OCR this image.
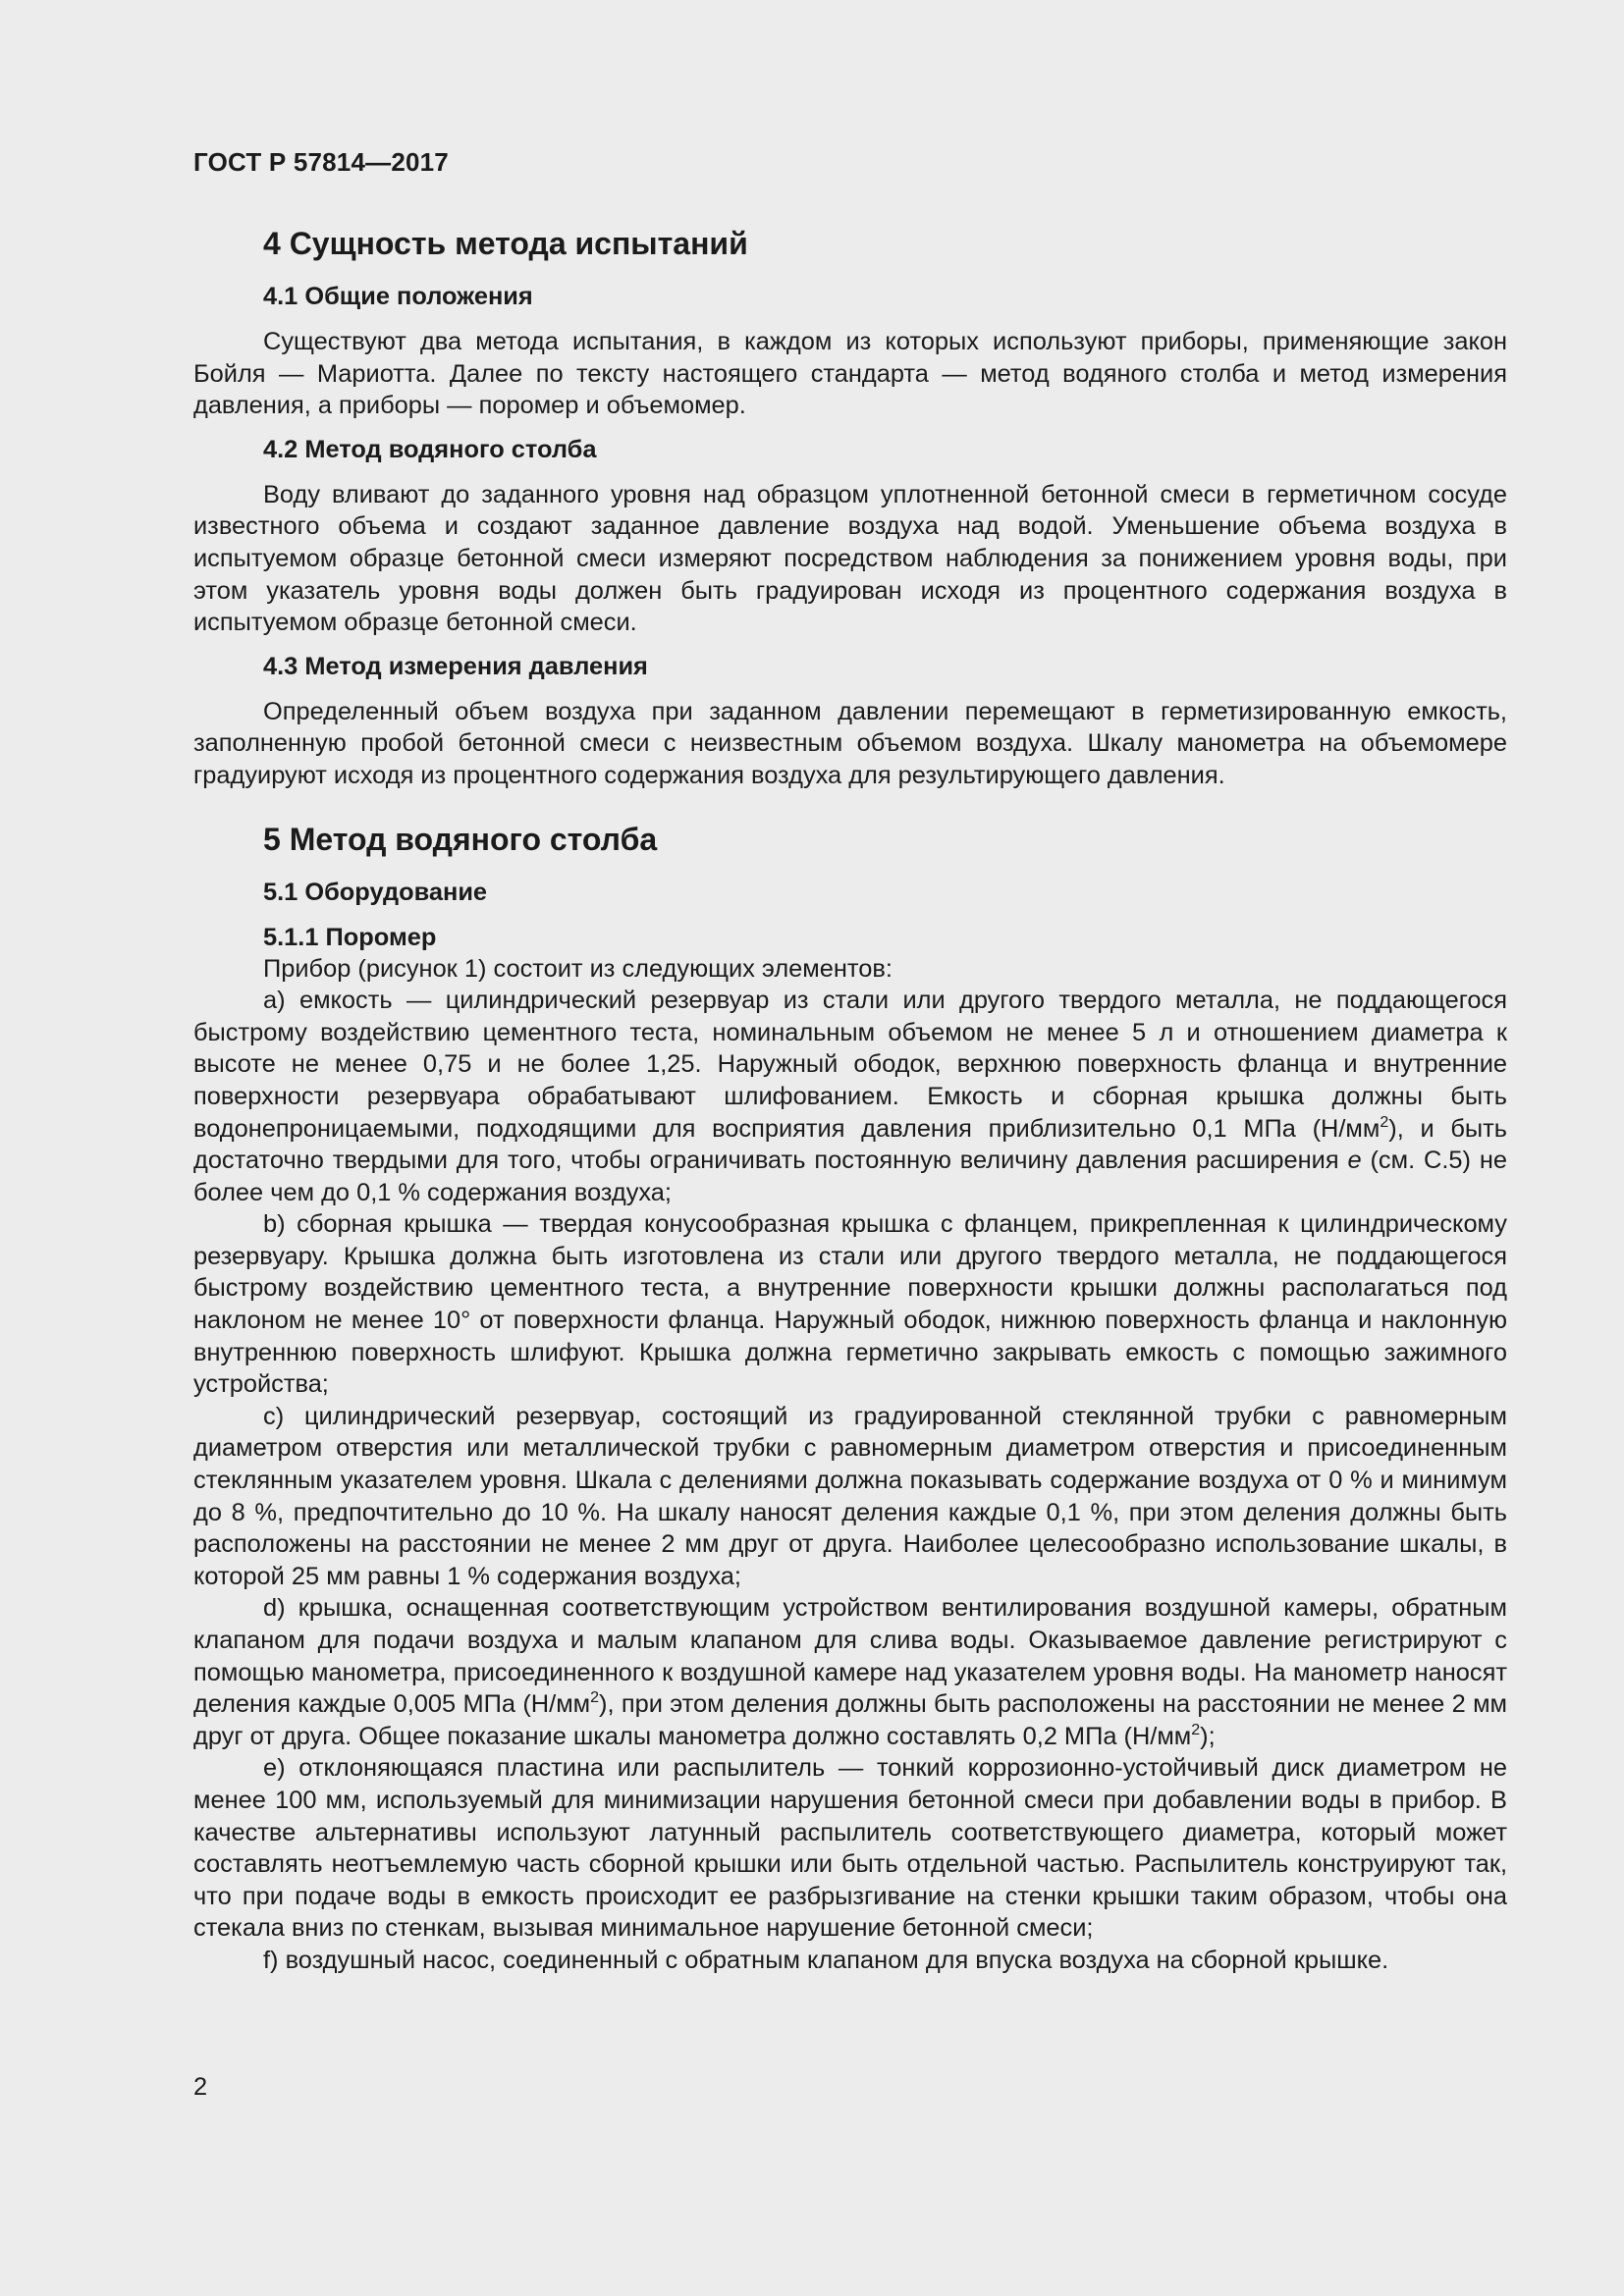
ГОСТ Р 57814—2017
4 Сущность метода испытаний
4.1 Общие положения

Существуют два метода испытания, в каждом из которых используют приборы, применяющие закон Бойля — Мариотта. Далее по тексту настоящего стандарта — метод водяного столба и метод измерения давления, а приборы — поромер и объемомер.

4.2 Метод водяного столба

Воду вливают до заданного уровня над образцом уплотненной бетонной смеси в герметичном сосуде известного объема и создают заданное давление воздуха над водой. Уменьшение объема воздуха в испытуемом образце бетонной смеси измеряют посредством наблюдения за понижением уровня воды, при этом указатель уровня воды должен быть градуирован исходя из процентного содержания воздуха в испытуемом образце бетонной смеси.

4.3 Метод измерения давления

Определенный объем воздуха при заданном давлении перемещают в герметизированную емкость, заполненную пробой бетонной смеси с неизвестным объемом воздуха. Шкалу манометра на объемомере градуируют исходя из процентного содержания воздуха для результирующего давления.

5 Метод водяного столба
5.1 Оборудование
5.1.1 Поромер

Прибор (рисунок 1) состоит из следующих элементов:

a) емкость — цилиндрический резервуар из стали или другого твердого металла, не поддающегося быстрому воздействию цементного теста, номинальным объемом не менее 5 л и отношением диаметра к высоте не менее 0,75 и не более 1,25. Наружный ободок, верхнюю поверхность фланца и внутренние поверхности резервуара обрабатывают шлифованием. Емкость и сборная крышка должны быть водонепроницаемыми, подходящими для восприятия давления приблизительно 0,1 МПа $(Н/мм^2)$, и быть достаточно твердыми для того, чтобы ограничивать постоянную величину давления расширения e (см. С.5) не более чем до 0,1 % содержания воздуха;

b) сборная крышка — твердая конусообразная крышка с фланцем, прикрепленная к цилиндрическому резервуару. Крышка должна быть изготовлена из стали или другого твердого металла, не поддающегося быстрому воздействию цементного теста, а внутренние поверхности крышки должны располагаться под наклоном не менее 10° от поверхности фланца. Наружный ободок, нижнюю поверхность фланца и наклонную внутреннюю поверхность шлифуют. Крышка должна герметично закрывать емкость с помощью зажимного устройства;

c) цилиндрический резервуар, состоящий из градуированной стеклянной трубки с равномерным диаметром отверстия или металлической трубки с равномерным диаметром отверстия и присоединенным стеклянным указателем уровня. Шкала с делениями должна показывать содержание воздуха от 0 % и минимум до 8 %, предпочтительно до 10 %. На шкалу наносят деления каждые 0,1 %, при этом деления должны быть расположены на расстоянии не менее 2 мм друг от друга. Наиболее целесообразно использование шкалы, в которой 25 мм равны 1 % содержания воздуха;

d) крышка, оснащенная соответствующим устройством вентилирования воздушной камеры, обратным клапаном для подачи воздуха и малым клапаном для слива воды. Оказываемое давление регистрируют с помощью манометра, присоединенного к воздушной камере над указателем уровня воды. На манометр наносят деления каждые 0,005 МПа $(Н/мм^2)$, при этом деления должны быть расположены на расстоянии не менее 2 мм друг от друга. Общее показание шкалы манометра должно составлять 0,2 МПа $(Н/мм^2)$;

e) отклоняющаяся пластина или распылитель — тонкий коррозионно-устойчивый диск диаметром не менее 100 мм, используемый для минимизации нарушения бетонной смеси при добавлении воды в прибор. В качестве альтернативы используют латунный распылитель соответствующего диаметра, который может составлять неотъемлемую часть сборной крышки или быть отдельной частью. Распылитель конструируют так, что при подаче воды в емкость происходит ее разбрызгивание на стенки крышки таким образом, чтобы она стекала вниз по стенкам, вызывая минимальное нарушение бетонной смеси;

f) воздушный насос, соединенный с обратным клапаном для впуска воздуха на сборной крышке.

2
